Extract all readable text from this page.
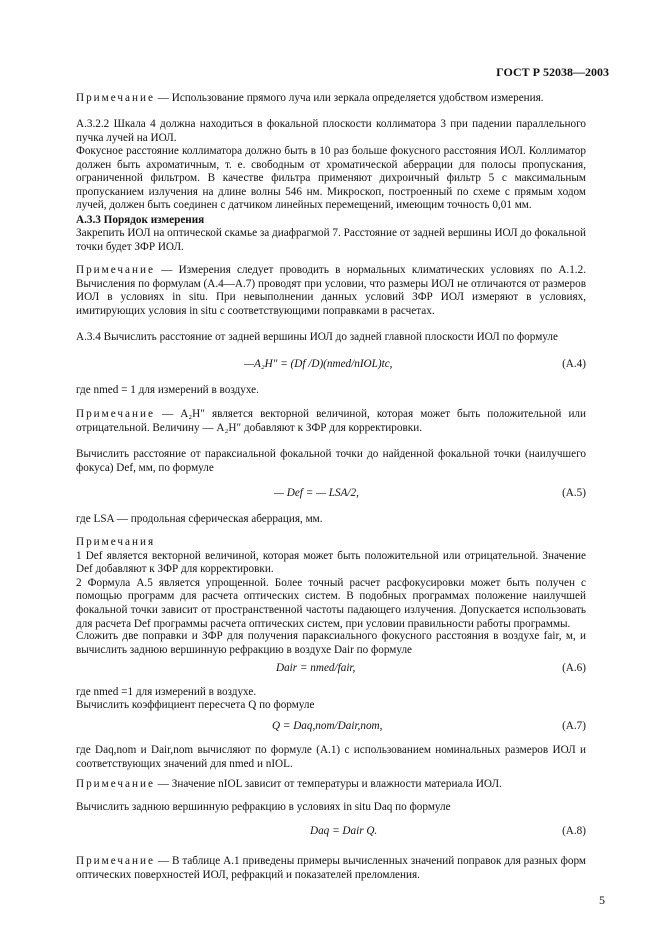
ГОСТ Р 52038—2003

Примечание — Использование прямого луча или зеркала определяется удобством измерения.

A.3.2.2 Шкала 4 должна находиться в фокальной плоскости коллиматора 3 при падении параллельного пучка лучей на ИОЛ.

Фокусное расстояние коллиматора должно быть в 10 раз больше фокусного расстояния ИОЛ. Коллиматор должен быть ахроматичным, т. е. свободным от хроматической аберрации для полосы пропускания, ограниченной фильтром. В качестве фильтра применяют дихроичный фильтр 5 с максимальным пропусканием излучения на длине волны 546 нм. Микроскоп, построенный по схеме с прямым ходом лучей, должен быть соединен с датчиком линейных перемещений, имеющим точность 0,01 мм.

A.3.3 Порядок измерения

Закрепить ИОЛ на оптической скамье за диафрагмой 7. Расстояние от задней вершины ИОЛ до фокальной точки будет ЗФР ИОЛ.

Примечание — Измерения следует проводить в нормальных климатических условиях по A.1.2. Вычисления по формулам (A.4—A.7) проводят при условии, что размеры ИОЛ не отличаются от размеров ИОЛ в условиях in situ. При невыполнении данных условий ЗФР ИОЛ измеряют в условиях, имитирующих условия in situ с соответствующими поправками в расчетах.

A.3.4 Вычислить расстояние от задней вершины ИОЛ до задней главной плоскости ИОЛ по формуле

—A₂H″ = (Df /D)(nmed/nIOL)tc,	(A.4)
где nmed = 1 для измерений в воздухе.

Примечание — A₂H″ является векторной величиной, которая может быть положительной или отрицательной. Величину — A₂H″ добавляют к ЗФР для корректировки.

Вычислить расстояние от параксиальной фокальной точки до найденной фокальной точки (наилучшего фокуса) Def, мм, по формуле

— Def = — LSA/2,	(A.5)
где LSA — продольная сферическая аберрация, мм.

Примечания

1 Def является векторной величиной, которая может быть положительной или отрицательной. Значение Def добавляют к ЗФР для корректировки.

2 Формула A.5 является упрощенной. Более точный расчет расфокусировки может быть получен с помощью программ для расчета оптических систем. В подобных программах положение наилучшей фокальной точки зависит от пространственной частоты падающего излучения. Допускается использовать для расчета Def программы расчета оптических систем, при условии правильности работы программы.

Сложить две поправки и ЗФР для получения параксиального фокусного расстояния в воздухе fair, м, и вычислить заднюю вершинную рефракцию в воздухе Dair по формуле

Dair = nmed/fair,	(A.6)
где nmed =1 для измерений в воздухе.
Вычислить коэффициент пересчета Q по формуле
Q = Daq,nom/Dair,nom,	(A.7)

где Daq,nom и Dair,nom вычисляют по формуле (A.1) с использованием номинальных размеров ИОЛ и соответствующих значений для nmed и nIOL.

Примечание — Значение nIOL зависит от температуры и влажности материала ИОЛ.

Вычислить заднюю вершинную рефракцию в условиях in situ Daq по формуле
Daq = Dair Q.	(A.8)

Примечание — В таблице A.1 приведены примеры вычисленных значений поправок для разных форм оптических поверхностей ИОЛ, рефракций и показателей преломления.

5
